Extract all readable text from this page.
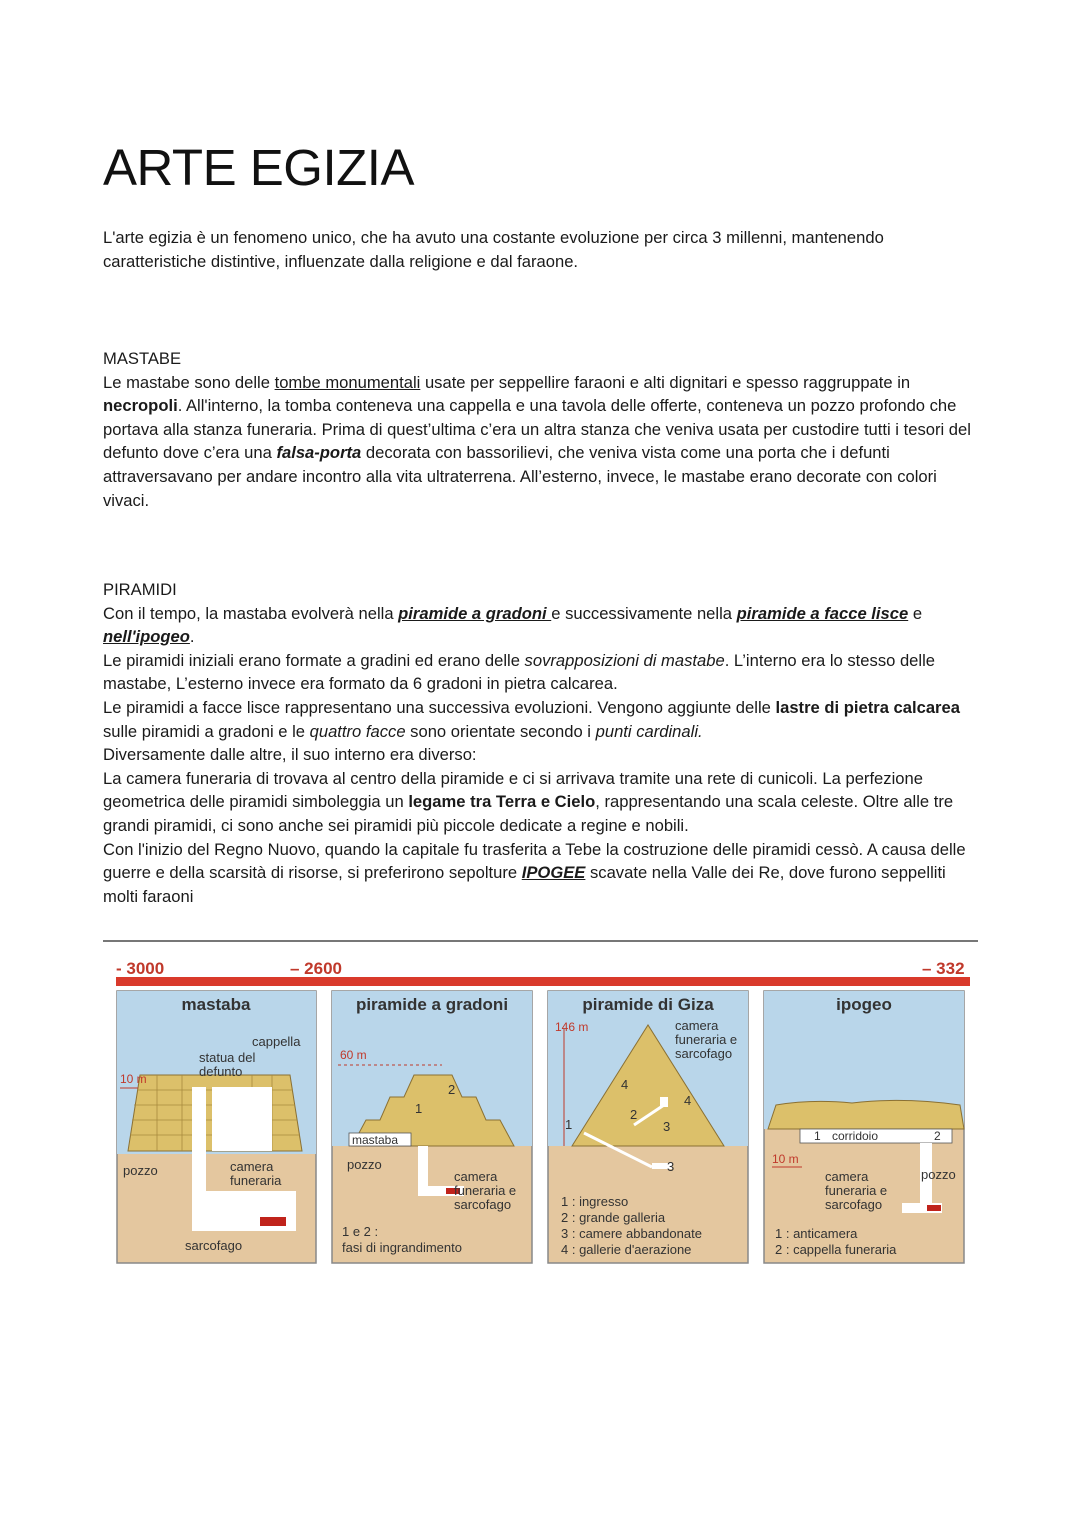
ARTE EGIZIA

L'arte egizia è un fenomeno unico, che ha avuto una costante evoluzione per circa 3 millenni, mantenendo caratteristiche distintive, influenzate dalla religione e dal faraone.

MASTABE

Le mastabe sono delle tombe monumentali usate per seppellire faraoni e alti dignitari e spesso raggruppate in necropoli. All'interno, la tomba conteneva una cappella e una tavola delle offerte, conteneva un pozzo profondo che portava alla stanza funeraria. Prima di quest’ultima c’era un altra stanza che veniva usata per custodire tutti i tesori del defunto dove c’era una falsa-porta decorata con bassorilievi, che veniva vista come una porta che i defunti attraversavano per andare incontro alla vita ultraterrena. All’esterno, invece, le mastabe erano decorate con colori vivaci.

PIRAMIDI

Con il tempo, la mastaba evolverà nella piramide a gradoni e successivamente nella piramide a facce lisce e nell'ipogeo.

Le piramidi iniziali erano formate a gradini ed erano delle sovrapposizioni di mastabe. L’interno era lo stesso delle mastabe, L’esterno invece era formato da 6 gradoni in pietra calcarea.

Le piramidi a facce lisce rappresentano una successiva evoluzioni. Vengono aggiunte delle lastre di pietra calcarea sulle piramidi a gradoni e le quattro facce sono orientate secondo i punti cardinali.

Diversamente dalle altre, il suo interno era diverso:

La camera funeraria di trovava al centro della piramide e ci si arrivava tramite una rete di cunicoli. La perfezione geometrica delle piramidi simboleggia un legame tra Terra e Cielo, rappresentando una scala celeste. Oltre alle tre grandi piramidi, ci sono anche sei piramidi più piccole dedicate a regine e nobili.

Con l'inizio del Regno Nuovo, quando la capitale fu trasferita a Tebe la costruzione delle piramidi cessò. A causa delle guerre e della scarsità di risorse, si preferirono sepolture IPOGEE scavate nella Valle dei Re, dove furono seppelliti molti faraoni

- 3000	– 2600	– 332
mastaba
10 m
cappella
statua del
defunto
pozzo	camera
funeraria
sarcofago
piramide a gradoni
60 m
2
1
mastaba
pozzo
camera
funeraria e
sarcofago
1 e 2 :
fasi di ingrandimento
piramide di Giza
146 m	camera
funeraria e
sarcofago
4
4
1
2
3
3
1 : ingresso
2 : grande galleria
3 : camere abbandonate
4 : gallerie d'aerazione
ipogeo
1 corridoio	2
10 m
camera
funeraria e
sarcofago
pozzo
1 : anticamera
2 : cappella funeraria
